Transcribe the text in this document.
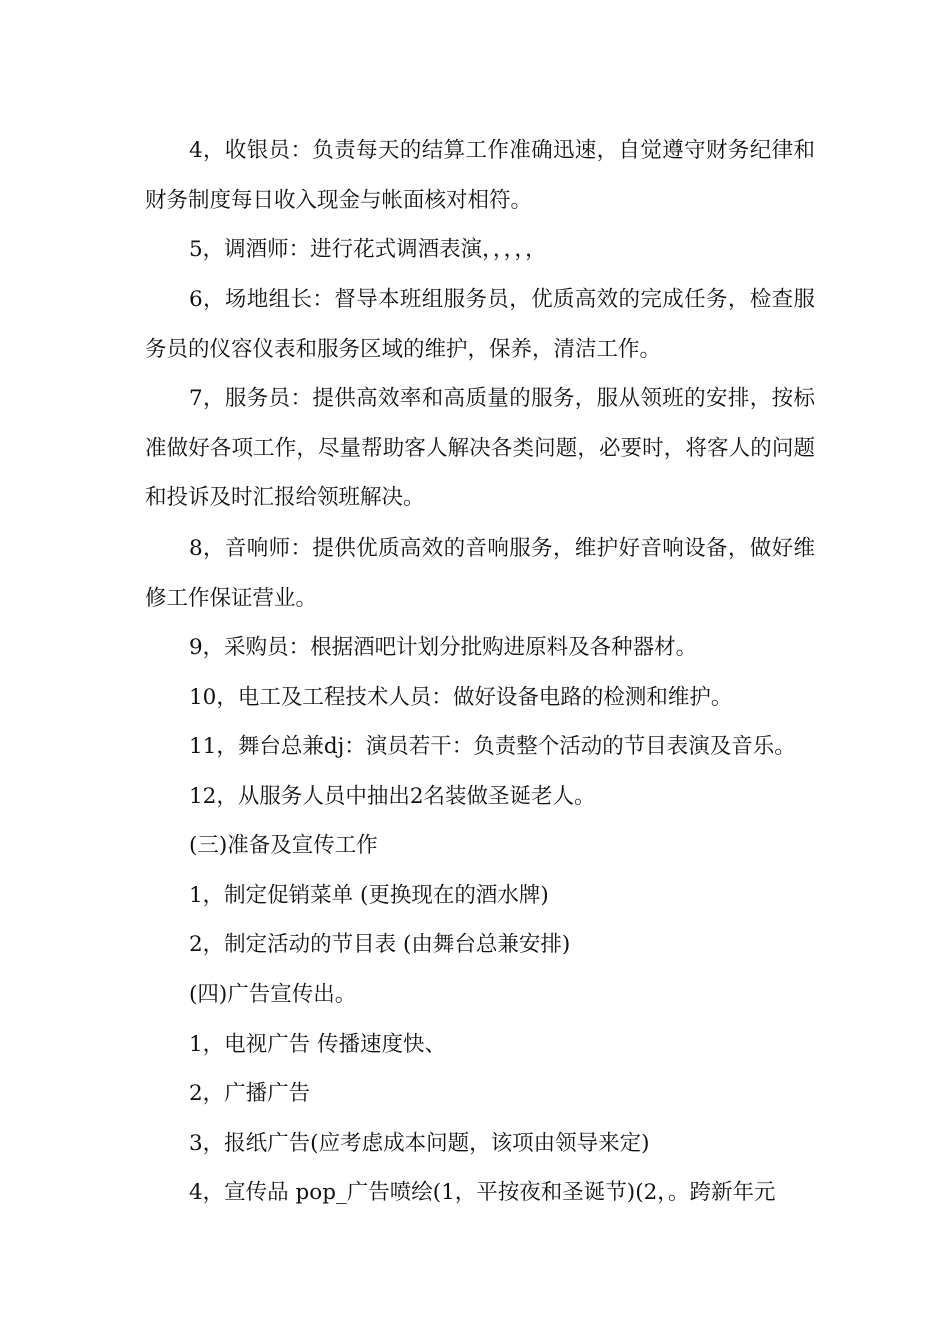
4，收银员：负责每天的结算工作准确迅速，自觉遵守财务纪律和财务制度每日收入现金与帐面核对相符。

5，调酒师：进行花式调酒表演，，，，，

6，场地组长：督导本班组服务员，优质高效的完成任务，检查服务员的仪容仪表和服务区域的维护，保养，清洁工作。

7，服务员：提供高效率和高质量的服务，服从领班的安排，按标准做好各项工作，尽量帮助客人解决各类问题，必要时，将客人的问题和投诉及时汇报给领班解决。

8，音响师：提供优质高效的音响服务，维护好音响设备，做好维修工作保证营业。

9，采购员：根据酒吧计划分批购进原料及各种器材。

10，电工及工程技术人员：做好设备电路的检测和维护。

11，舞台总兼dj：演员若干：负责整个活动的节目表演及音乐。

12，从服务人员中抽出2名装做圣诞老人。

(三)准备及宣传工作

1，制定促销菜单 (更换现在的酒水牌)

2，制定活动的节目表 (由舞台总兼安排)

(四)广告宣传出。

1，电视广告 传播速度快、

2，广播广告

3，报纸广告(应考虑成本问题，该项由领导来定)

4，宣传品 pop_广告喷绘(1，平按夜和圣诞节)(2，。跨新年元
